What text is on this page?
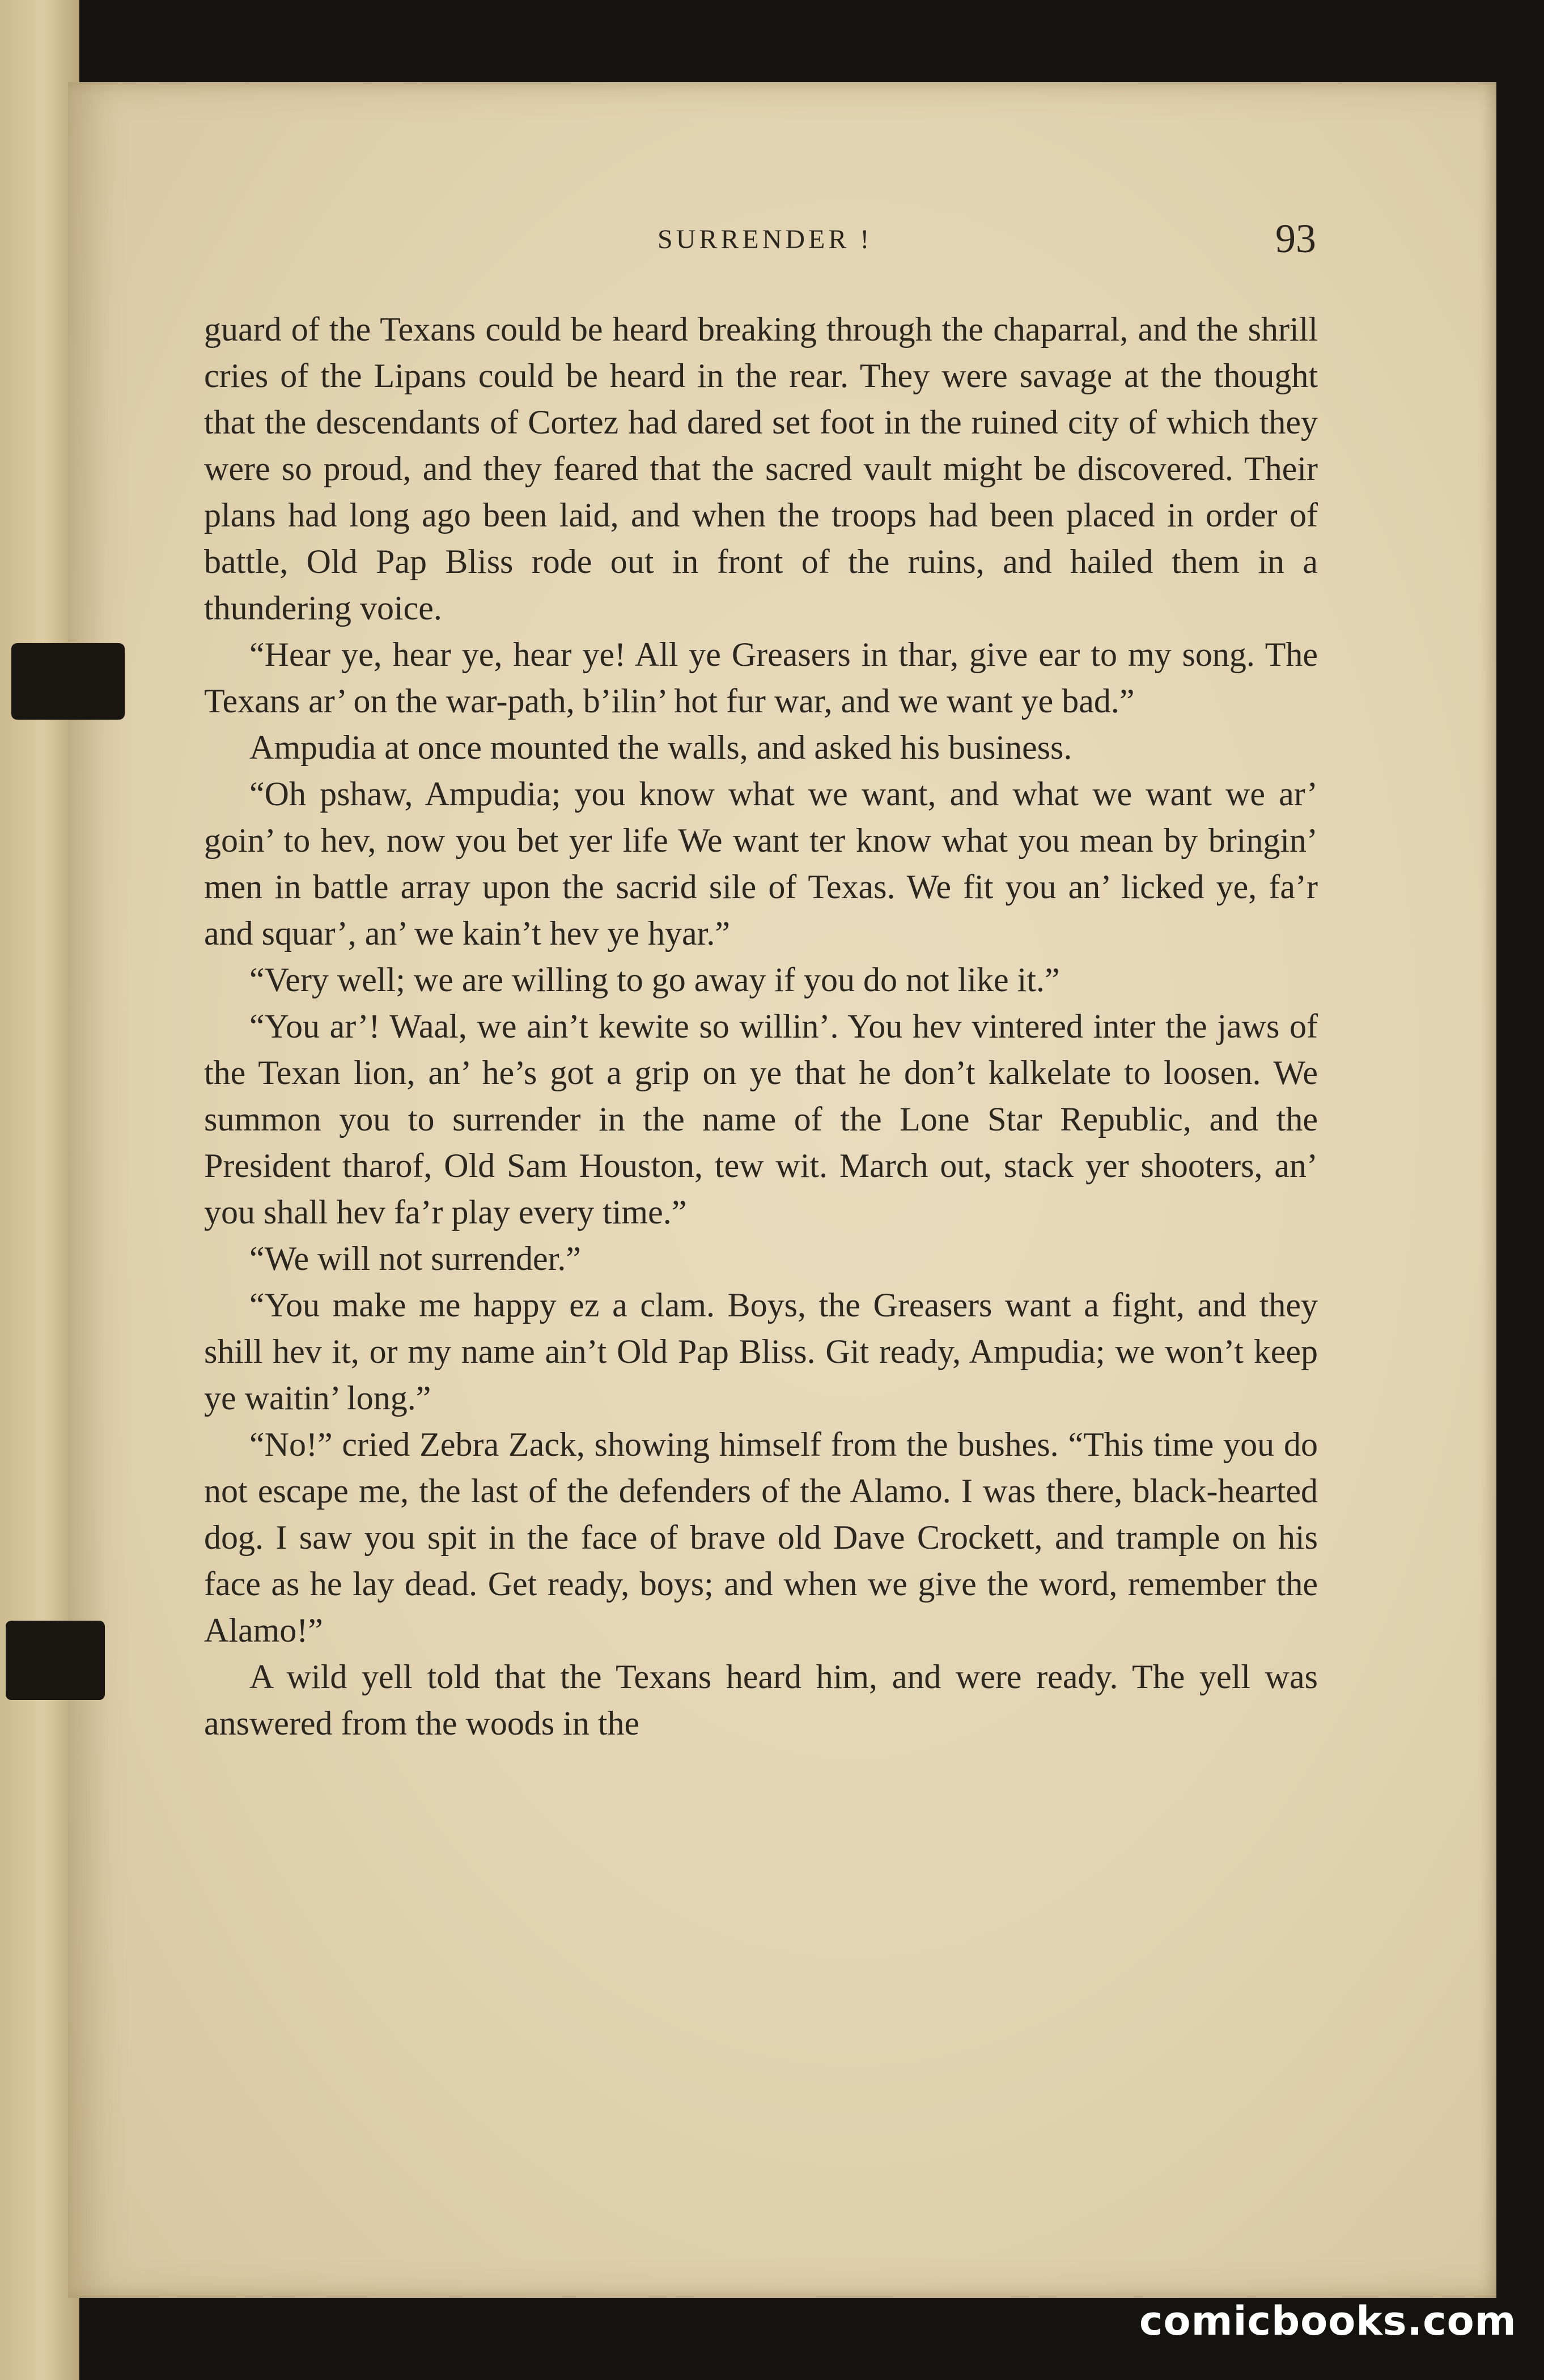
SURRENDER !	93

guard of the Texans could be heard breaking through the chaparral, and the shrill cries of the Lipans could be heard in the rear. They were savage at the thought that the descendants of Cortez had dared set foot in the ruined city of which they were so proud, and they feared that the sacred vault might be discovered. Their plans had long ago been laid, and when the troops had been placed in order of battle, Old Pap Bliss rode out in front of the ruins, and hailed them in a thundering voice.

“Hear ye, hear ye, hear ye! All ye Greasers in thar, give ear to my song. The Texans ar’ on the war-path, b’ilin’ hot fur war, and we want ye bad.”

Ampudia at once mounted the walls, and asked his business.

“Oh pshaw, Ampudia; you know what we want, and what we want we ar’ goin’ to hev, now you bet yer life We want ter know what you mean by bringin’ men in battle array upon the sacrid sile of Texas. We fit you an’ licked ye, fa’r and squar’, an’ we kain’t hev ye hyar.”

“Very well; we are willing to go away if you do not like it.”

“You ar’! Waal, we ain’t kewite so willin’. You hev vintered inter the jaws of the Texan lion, an’ he’s got a grip on ye that he don’t kalkelate to loosen. We summon you to surrender in the name of the Lone Star Republic, and the President tharof, Old Sam Houston, tew wit. March out, stack yer shooters, an’ you shall hev fa’r play every time.”

“We will not surrender.”

“You make me happy ez a clam. Boys, the Greasers want a fight, and they shill hev it, or my name ain’t Old Pap Bliss. Git ready, Ampudia; we won’t keep ye waitin’ long.”

“No!” cried Zebra Zack, showing himself from the bushes. “This time you do not escape me, the last of the defenders of the Alamo. I was there, black-hearted dog. I saw you spit in the face of brave old Dave Crockett, and trample on his face as he lay dead. Get ready, boys; and when we give the word, remember the Alamo!”

A wild yell told that the Texans heard him, and were ready. The yell was answered from the woods in the

comicbooks.com
